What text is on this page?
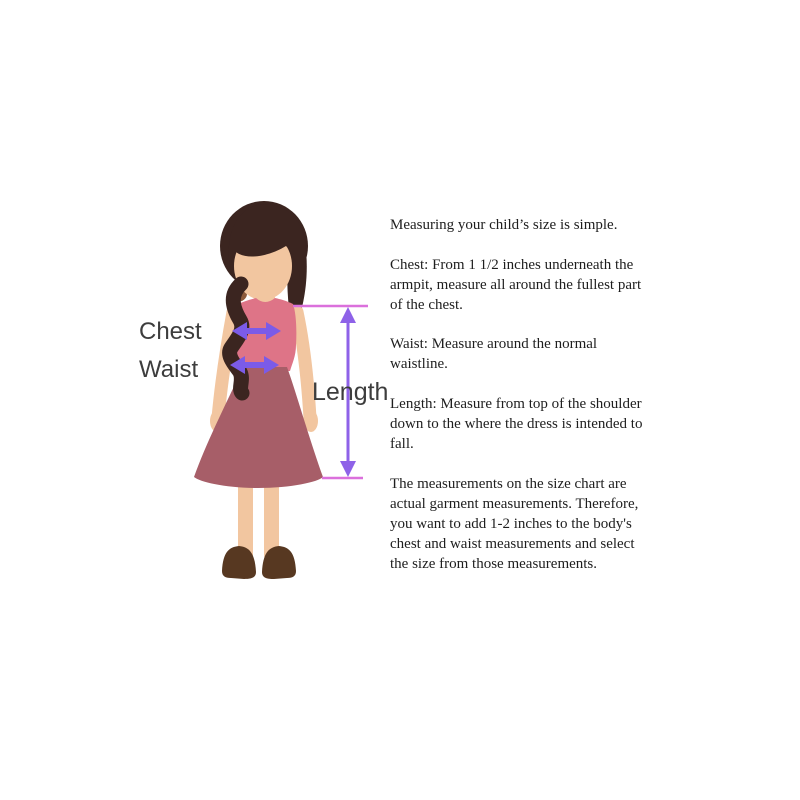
Chest
Waist
Length

Measuring your child’s size is simple.

Chest: From 1 1/2 inches underneath the
armpit, measure all around the fullest part
of the chest.

Waist: Measure around the normal
waistline.

Length: Measure from top of the shoulder
down to the where the dress is intended to
fall.

The measurements on the size chart are
actual garment measurements. Therefore,
you want to add 1-2 inches to the body's
chest and waist measurements and select
the size from those measurements.
